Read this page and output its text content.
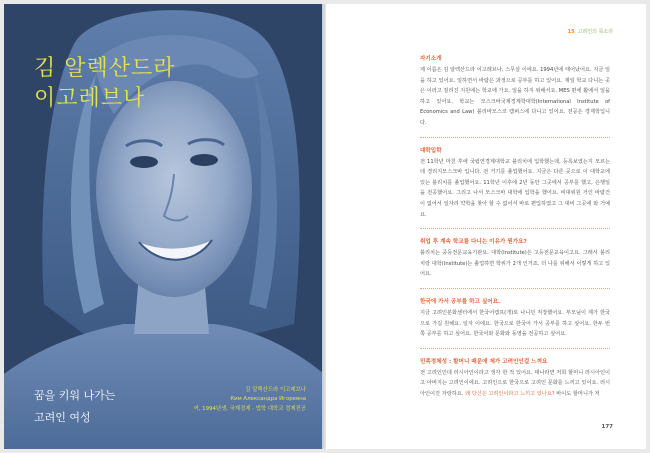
김 알렉산드라
이고레브나
꿈을 키워 나가는
고려인 여성
김 알렉산드라 이고레브나
Ким Александра Игоревна
여, 1994년생, 국제경제 · 법학 대학교 경제전공
15 고려인의 목소리
자기소개

제 이름은 김 알렉산드라 이고레브나, 스무살 이에요. 1994년에 태어났어요. 지금 일을 하고 있어요. 일하면서 바람은 과정으로 공부를 하고 있어요. 제일 학교 다니는 곳은 이러고 질리진 지원에는 학교에 가요. 일을 하지 위해서요. MES 편에 활에서 일을 하고 있어요. 학교는 모스크바국제경제학대학(International Institute of Economics and Law) 블리바모스코 캠퍼스에 다니고 있어요. 전공은 경제학입니다.

대학입학

전 11학년 마친 후에 국립연경제대학교 블리치에 입학했는데, 등록보였는지 모르는 데 경리지모스크바 입니다. 전 거기를 졸업했어요. 지금은 다른 곳으로 이 대학교에 있는 블리치를 졸업했어요. 11학년 이후에 2년 동안 그곳에서 공부를 했고, 은행일을 전공했어요. 그리고 나서 모스크바 대학에 입학을 했어요. 비대위원 거인 바람건이 없어서 일자리 약학을 찾아 할 수 없어서 바로 편입하였고 그 대비 그곳에 와 거예요.

취업 후 계속 학교를 다니는 이유가 뭔가요?

블리치는 중등전문교육기관요. 대학(Institute)은 고등전문교육이고요. 그래서 블리치랑 대학(Institute)는 졸업하면 학위가 2개 인거죠. 더 나를 위해서 이렇게 하고 있어요.

한국에 가서 공부를 하고 싶어요.

지금 고려인분화센터에서 한국어캠프(개)로 나니던 직장했어요. 부모님이 제가 한국으로 가길 원해요. 일자 이에요. 한국으로 한국어 가서 공부를 하고 싶어요. 한두 번 쪽 공부를 하고 싶어요. 한국어와 문화와 동영을 전공하고 싶어요.

민족정체성 : 할머니 때문에 제가 고려인인걸 느껴요

전 고려인인데 러시아인이라고 생각 한 적 있어요. 태나라면 저희 할머니 러시아인이고 아버지는 고려인이에요. 고려인으로 한국으로 고려인 문화를 느끼고 있어요. 러시아인이진 자랑하요. 왜 당신은 고려인이라고 느끼고 있나요? 바이도 할머니가 저

177
